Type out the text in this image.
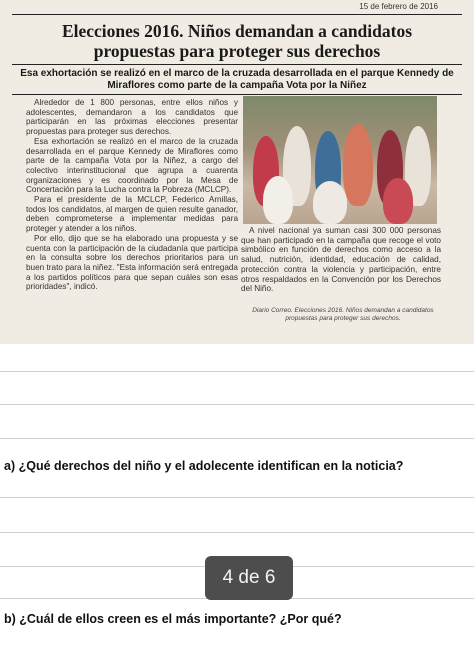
15 de febrero de 2016
Elecciones 2016. Niños demandan a candidatos propuestas para proteger sus derechos
Esa exhortación se realizó en el marco de la cruzada desarrollada en el parque Kennedy de Miraflores como parte de la campaña Vota por la Niñez

Alrededor de 1 800 personas, entre ellos niños y adolescentes, demandaron a los candidatos que participarán en las próximas elecciones presentar propuestas para proteger sus derechos.

Esa exhortación se realizó en el marco de la cruzada desarrollada en el parque Kennedy de Miraflores como parte de la campaña Vota por la Niñez, a cargo del colectivo interinstitucional que agrupa a cuarenta organizaciones y es coordinado por la Mesa de Concertación para la Lucha contra la Pobreza (MCLCP).

Para el presidente de la MCLCP, Federico Arnillas, todos los candidatos, al margen de quien resulte ganador, deben comprometerse a implementar medidas para proteger y atender a los niños.

Por ello, dijo que se ha elaborado una propuesta y se cuenta con la participación de la ciudadanía que participa en la consulta sobre los derechos prioritarios para un buen trato para la niñez. "Esta información será entregada a los partidos políticos para que sepan cuáles son esas prioridades", indicó.

A nivel nacional ya suman casi 300 000 personas que han participado en la campaña que recoge el voto simbólico en función de derechos como acceso a la salud, nutrición, identidad, educación de calidad, protección contra la violencia y participación, entre otros respaldados en la Convención por los Derechos del Niño.

Diario Correo. Elecciones 2016. Niños demandan a candidatos propuestas para proteger sus derechos.
a) ¿Qué derechos del niño y el adolecente identifican en la noticia?
4 de 6
b) ¿Cuál de ellos creen es el más importante? ¿Por qué?
